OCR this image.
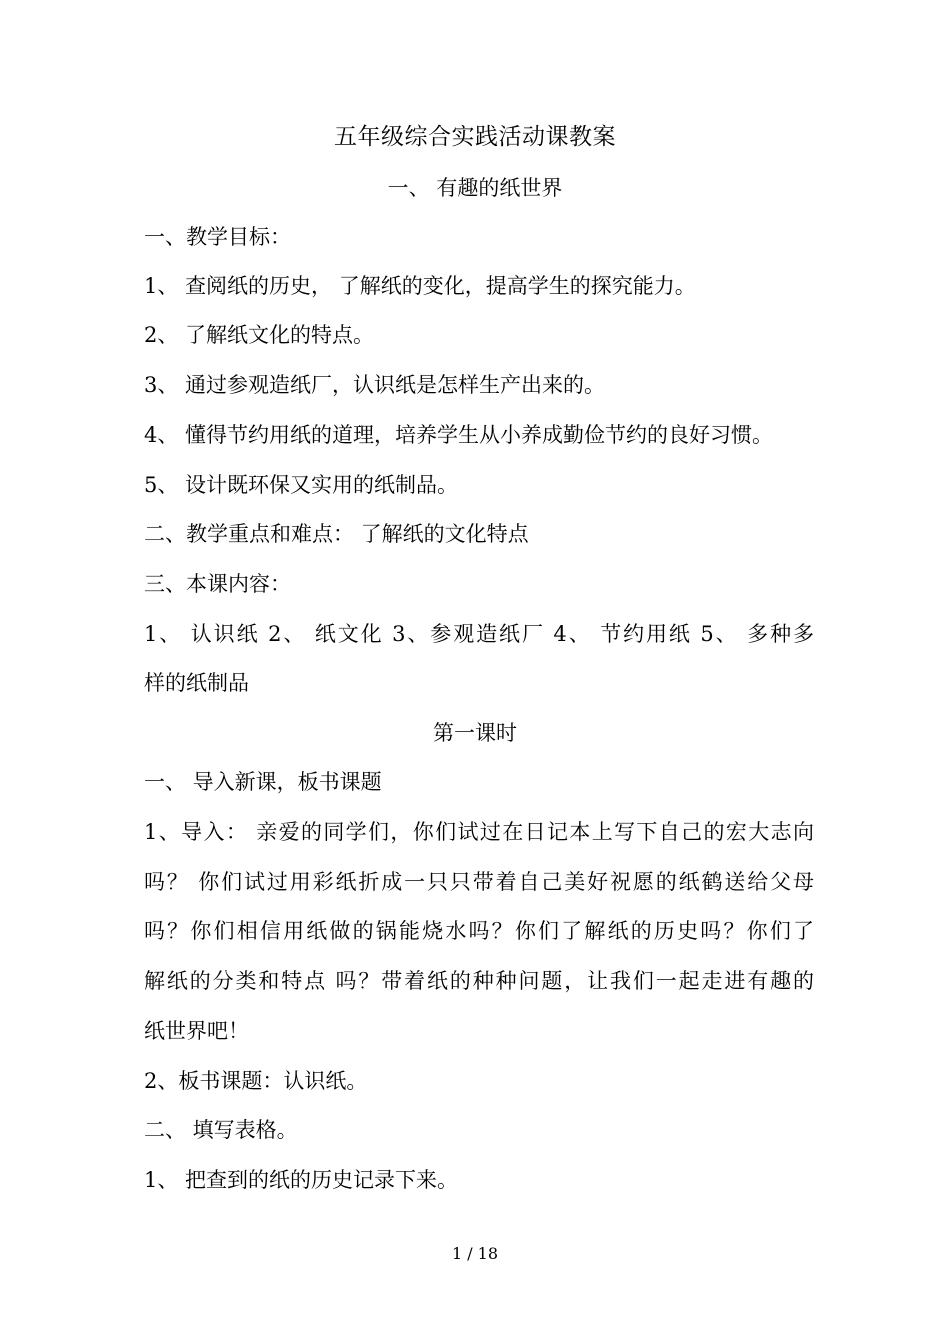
五年级综合实践活动课教案
一、 有趣的纸世界
一、教学目标：
1、 查阅纸的历史， 了解纸的变化，提高学生的探究能力。
2、 了解纸文化的特点。
3、 通过参观造纸厂，认识纸是怎样生产出来的。
4、 懂得节约用纸的道理，培养学生从小养成勤俭节约的良好习惯。
5、 设计既环保又实用的纸制品。
二、教学重点和难点： 了解纸的文化特点
三、本课内容：
1、 认识纸 2、 纸文化 3、参观造纸厂 4、 节约用纸 5、 多种多
样的纸制品
第一课时
一、 导入新课，板书课题
1、导入： 亲爱的同学们，你们试过在日记本上写下自己的宏大志向
吗？ 你们试过用彩纸折成一只只带着自己美好祝愿的纸鹤送给父母
吗？你们相信用纸做的锅能烧水吗？你们了解纸的历史吗？你们了
解纸的分类和特点 吗？带着纸的种种问题，让我们一起走进有趣的
纸世界吧！
2、板书课题：认识纸。
二、 填写表格。
1、 把查到的纸的历史记录下来。
1 / 18
